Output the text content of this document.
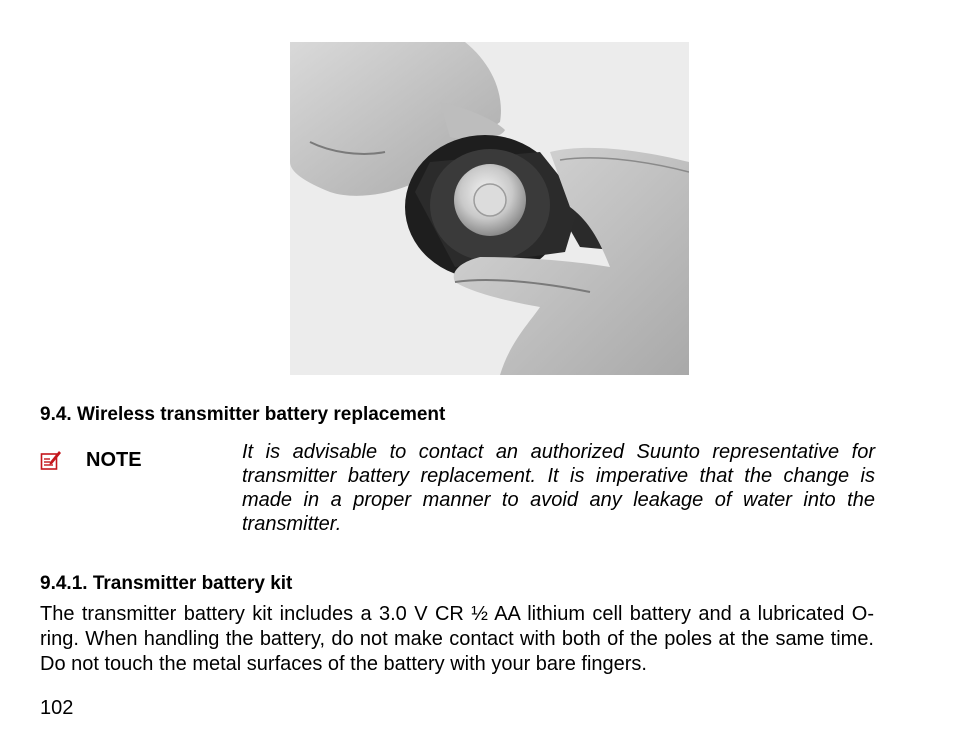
9.4. Wireless transmitter battery replacement
NOTE	It is advisable to contact an authorized Suunto representative for transmitter battery replacement. It is imperative that the change is made in a proper manner to avoid any leakage of water into the transmitter.

9.4.1. Transmitter battery kit

The transmitter battery kit includes a 3.0 V CR ½ AA lithium cell battery and a lubricated O-ring. When handling the battery, do not make contact with both of the poles at the same time. Do not touch the metal surfaces of the battery with your bare fingers.

102
